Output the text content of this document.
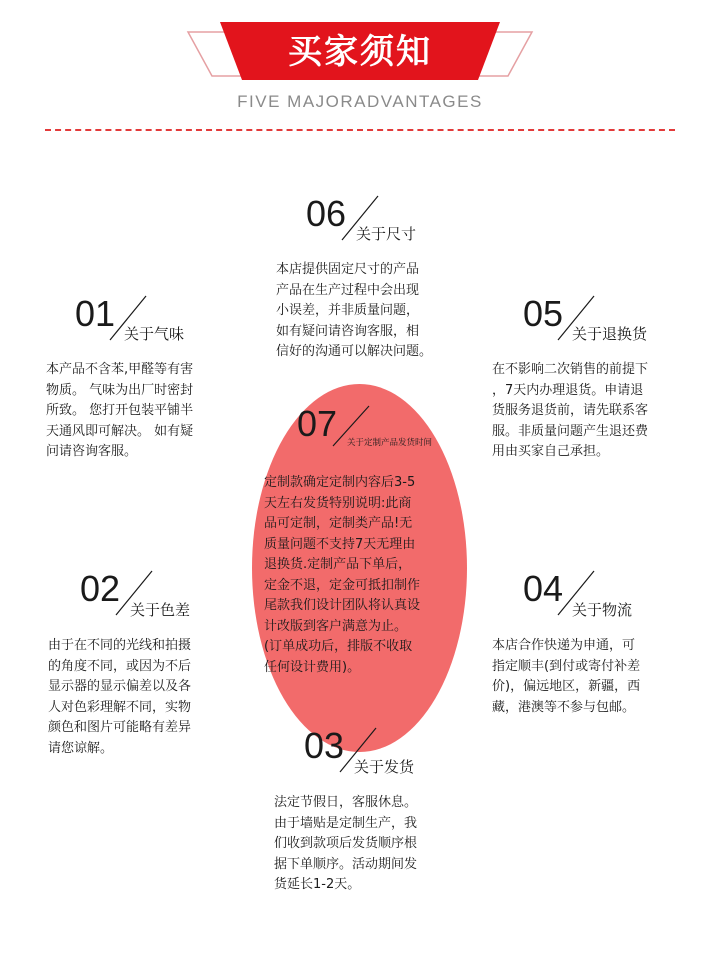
买家须知
FIVE MAJORADVANTAGES
06 关于尺寸
本店提供固定尺寸的产品
产品在生产过程中会出现
小误差，并非质量问题，
如有疑问请咨询客服，相
信好的沟通可以解决问题。
01 关于气味
本产品不含苯,甲醛等有害
物质。 气味为出厂时密封
所致。 您打开包装平铺半
天通风即可解决。 如有疑
问请咨询客服。
05 关于退换货
在不影响二次销售的前提下
，7天内办理退货。申请退
货服务退货前，请先联系客
服。非质量问题产生退还费
用由买家自己承担。
07 关于定制产品发货时间
定制款确定定制内容后3-5
天左右发货特别说明:此商
品可定制，定制类产品!无
质量问题不支持7天无理由
退换货.定制产品下单后，
定金不退，定金可抵扣制作
尾款我们设计团队将认真设
计改版到客户满意为止。
(订单成功后，排版不收取
任何设计费用)。
02
关于色差
由于在不同的光线和拍摄
的角度不同，或因为不后
显示器的显示偏差以及各
人对色彩理解不同，实物
颜色和图片可能略有差异
请您谅解。
04
关于物流
本店合作快递为申通，可
指定顺丰(到付或寄付补差
价)，偏远地区，新疆，西
藏，港澳等不参与包邮。
03
关于发货
法定节假日，客服休息。
由于墙贴是定制生产，我
们收到款项后发货顺序根
据下单顺序。活动期间发
货延长1-2天。
